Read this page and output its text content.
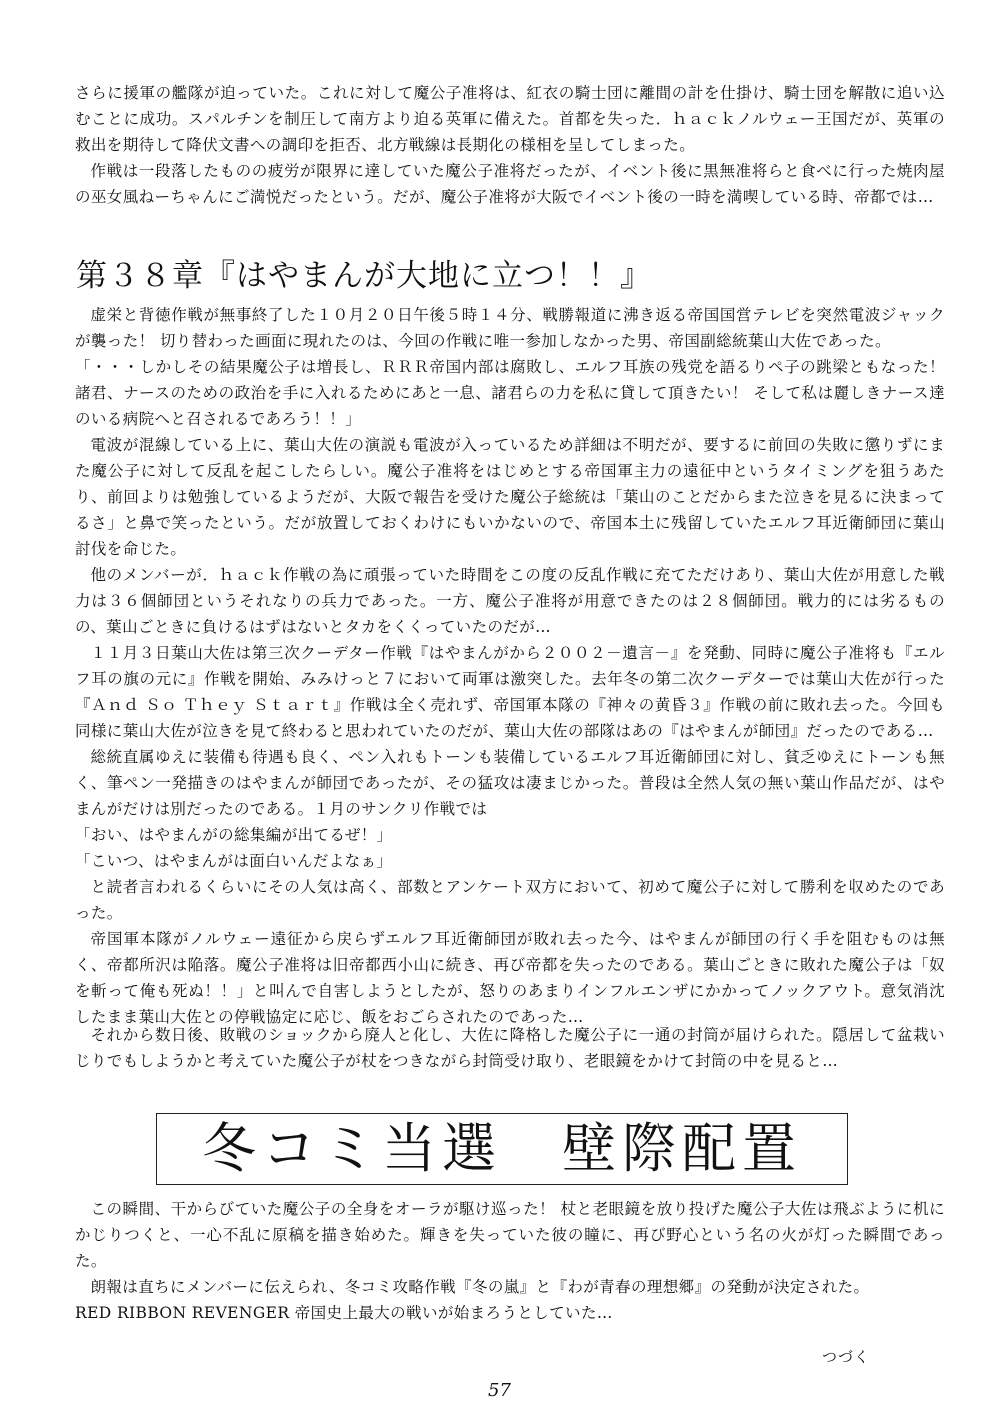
さらに援軍の艦隊が迫っていた。これに対して魔公子准将は、紅衣の騎士団に離間の計を仕掛け、騎士団を解散に追い込むことに成功。スパルチンを制圧して南方より迫る英軍に備えた。首都を失った．ｈａｃｋノルウェー王国だが、英軍の救出を期待して降伏文書への調印を拒否、北方戦線は長期化の様相を呈してしまった。

作戦は一段落したものの疲労が限界に達していた魔公子准将だったが、イベント後に黒無准将らと食べに行った焼肉屋の巫女風ねーちゃんにご満悦だったという。だが、魔公子准将が大阪でイベント後の一時を満喫している時、帝都では…

第３８章『はやまんが大地に立つ！！』

虚栄と背徳作戦が無事終了した１０月２０日午後５時１４分、戦勝報道に沸き返る帝国国営テレビを突然電波ジャックが襲った！ 切り替わった画面に現れたのは、今回の作戦に唯一参加しなかった男、帝国副総統葉山大佐であった。

「・・・しかしその結果魔公子は増長し、ＲＲＲ帝国内部は腐敗し、エルフ耳族の残党を語るりペ子の跳梁ともなった！ 諸君、ナースのための政治を手に入れるためにあと一息、諸君らの力を私に貸して頂きたい！ そして私は麗しきナース達のいる病院へと召されるであろう！！」

電波が混線している上に、葉山大佐の演説も電波が入っているため詳細は不明だが、要するに前回の失敗に懲りずにまた魔公子に対して反乱を起こしたらしい。魔公子准将をはじめとする帝国軍主力の遠征中というタイミングを狙うあたり、前回よりは勉強しているようだが、大阪で報告を受けた魔公子総統は「葉山のことだからまた泣きを見るに決まってるさ」と鼻で笑ったという。だが放置しておくわけにもいかないので、帝国本土に残留していたエルフ耳近衛師団に葉山討伐を命じた。

他のメンバーが．ｈａｃｋ作戦の為に頑張っていた時間をこの度の反乱作戦に充てただけあり、葉山大佐が用意した戦力は３６個師団というそれなりの兵力であった。一方、魔公子准将が用意できたのは２８個師団。戦力的には劣るものの、葉山ごときに負けるはずはないとタカをくくっていたのだが…

１１月３日葉山大佐は第三次クーデター作戦『はやまんがから２００２－遺言－』を発動、同時に魔公子准将も『エルフ耳の旗の元に』作戦を開始、みみけっと７において両軍は激突した。去年冬の第二次クーデターでは葉山大佐が行った『Ａｎｄ Ｓｏ Ｔｈｅｙ Ｓｔａｒｔ』作戦は全く売れず、帝国軍本隊の『神々の黄昏３』作戦の前に敗れ去った。今回も同様に葉山大佐が泣きを見て終わると思われていたのだが、葉山大佐の部隊はあの『はやまんが師団』だったのである…

総統直属ゆえに装備も待遇も良く、ペン入れもトーンも装備しているエルフ耳近衛師団に対し、貧乏ゆえにトーンも無く、筆ペン一発描きのはやまんが師団であったが、その猛攻は凄まじかった。普段は全然人気の無い葉山作品だが、はやまんがだけは別だったのである。１月のサンクリ作戦では

「おい、はやまんがの総集編が出てるぜ！」

「こいつ、はやまんがは面白いんだよなぁ」

と読者言われるくらいにその人気は高く、部数とアンケート双方において、初めて魔公子に対して勝利を収めたのであった。

帝国軍本隊がノルウェー遠征から戻らずエルフ耳近衛師団が敗れ去った今、はやまんが師団の行く手を阻むものは無く、帝都所沢は陥落。魔公子准将は旧帝都西小山に続き、再び帝都を失ったのである。葉山ごときに敗れた魔公子は「奴を斬って俺も死ぬ！！」と叫んで自害しようとしたが、怒りのあまりインフルエンザにかかってノックアウト。意気消沈したまま葉山大佐との停戦協定に応じ、飯をおごらされたのであった…

それから数日後、敗戦のショックから廃人と化し、大佐に降格した魔公子に一通の封筒が届けられた。隠居して盆栽いじりでもしようかと考えていた魔公子が杖をつきながら封筒受け取り、老眼鏡をかけて封筒の中を見ると…

冬コミ当選　壁際配置

この瞬間、干からびていた魔公子の全身をオーラが駆け巡った！ 杖と老眼鏡を放り投げた魔公子大佐は飛ぶように机にかじりつくと、一心不乱に原稿を描き始めた。輝きを失っていた彼の瞳に、再び野心という名の火が灯った瞬間であった。

朗報は直ちにメンバーに伝えられ、冬コミ攻略作戦『冬の嵐』と『わが青春の理想郷』の発動が決定された。

RED RIBBON REVENGER 帝国史上最大の戦いが始まろうとしていた…

つづく
57
